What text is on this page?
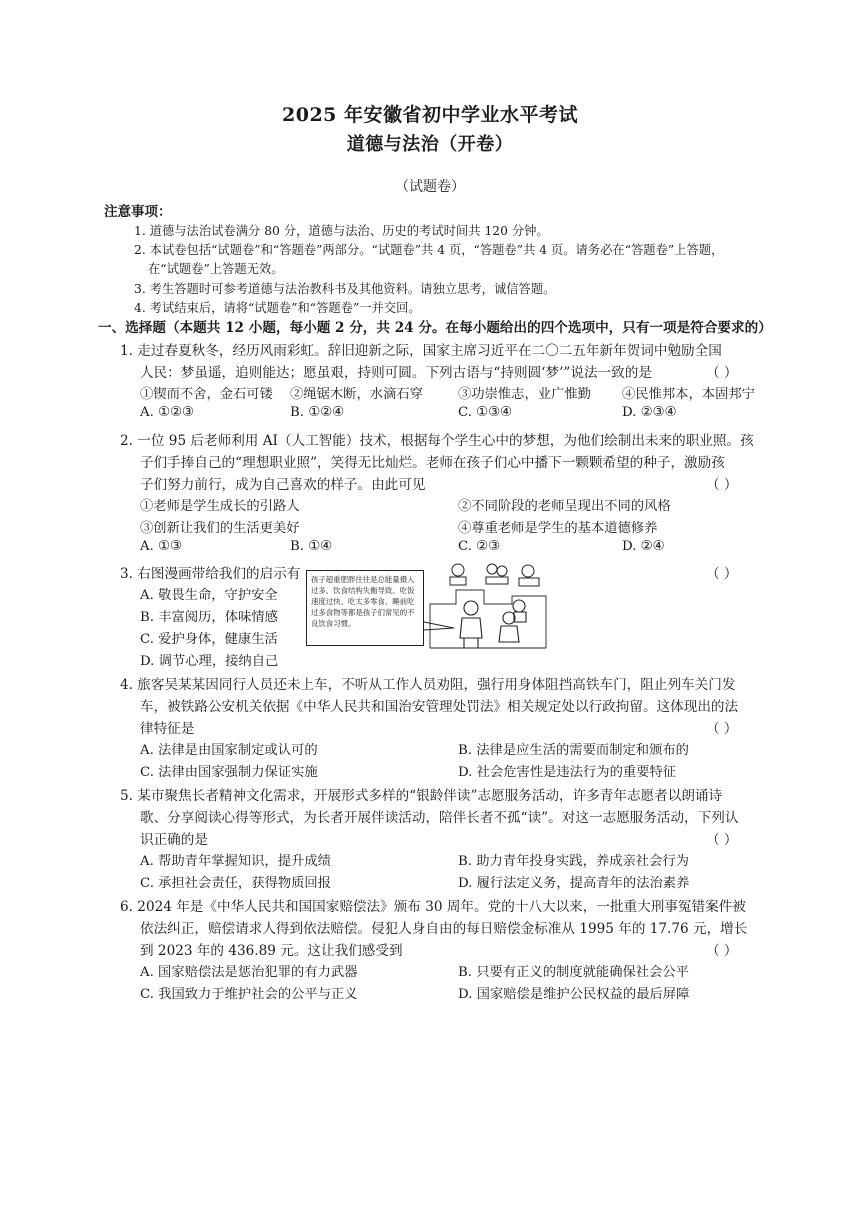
2025 年安徽省初中学业水平考试
道德与法治（开卷）
（试题卷）
注意事项：
1. 道德与法治试卷满分 80 分，道德与法治、历史的考试时间共 120 分钟。
2. 本试卷包括“试题卷”和“答题卷”两部分。“试题卷”共 4 页，“答题卷”共 4 页。请务必在“答题卷”上答题，
在“试题卷”上答题无效。
3. 考生答题时可参考道德与法治教科书及其他资料。请独立思考，诚信答题。
4. 考试结束后，请将“试题卷”和“答题卷”一并交回。
一、选择题（本题共 12 小题，每小题 2 分，共 24 分。在每小题给出的四个选项中，只有一项是符合要求的）
1. 走过春夏秋冬，经历风雨彩虹。辞旧迎新之际，国家主席习近平在二〇二五年新年贺词中勉励全国
人民：梦虽遥，追则能达；愿虽艰，持则可圆。下列古语与“持则圆‘梦’”说法一致的是	（ ）
①锲而不舍，金石可镂 ②绳锯木断，水滴石穿	③功崇惟志，业广惟勤 ④民惟邦本，本固邦宁
A. ①②③	B. ①②④	C. ①③④	D. ②③④
2. 一位 95 后老师利用 AI（人工智能）技术，根据每个学生心中的梦想，为他们绘制出未来的职业照。孩
子们手捧自己的“理想职业照”，笑得无比灿烂。老师在孩子们心中播下一颗颗希望的种子，激励孩
子们努力前行，成为自己喜欢的样子。由此可见	（ ）
①老师是学生成长的引路人	②不同阶段的老师呈现出不同的风格
③创新让我们的生活更美好	④尊重老师是学生的基本道德修养
A. ①③	B. ①④	C. ②③	D. ②④
3. 右图漫画带给我们的启示有	（ ）
A. 敬畏生命，守护安全
B. 丰富阅历，体味情感
C. 爱护身体，健康生活
D. 调节心理，接纳自己
孩子超重肥胖往往是总能量摄入过多、饮食结构失衡导致。吃饭速度过快、吃太多零食、睡前吃过多食物等都是孩子们常见的不良饮食习惯。
4. 旅客吴某某因同行人员还未上车，不听从工作人员劝阻，强行用身体阻挡高铁车门，阻止列车关门发
车，被铁路公安机关依据《中华人民共和国治安管理处罚法》相关规定处以行政拘留。这体现出的法
律特征是	（ ）
A. 法律是由国家制定或认可的	B. 法律是应生活的需要而制定和颁布的
C. 法律由国家强制力保证实施	D. 社会危害性是违法行为的重要特征
5. 某市聚焦长者精神文化需求，开展形式多样的“银龄伴读”志愿服务活动，许多青年志愿者以朗诵诗
歌、分享阅读心得等形式，为长者开展伴读活动，陪伴长者不孤“读”。对这一志愿服务活动，下列认
识正确的是	（ ）
A. 帮助青年掌握知识，提升成绩	B. 助力青年投身实践，养成亲社会行为
C. 承担社会责任，获得物质回报	D. 履行法定义务，提高青年的法治素养
6. 2024 年是《中华人民共和国国家赔偿法》颁布 30 周年。党的十八大以来，一批重大刑事冤错案件被
依法纠正，赔偿请求人得到依法赔偿。侵犯人身自由的每日赔偿金标准从 1995 年的 17.76 元，增长
到 2023 年的 436.89 元。这让我们感受到	（ ）
A. 国家赔偿法是惩治犯罪的有力武器	B. 只要有正义的制度就能确保社会公平
C. 我国致力于维护社会的公平与正义	D. 国家赔偿是维护公民权益的最后屏障
